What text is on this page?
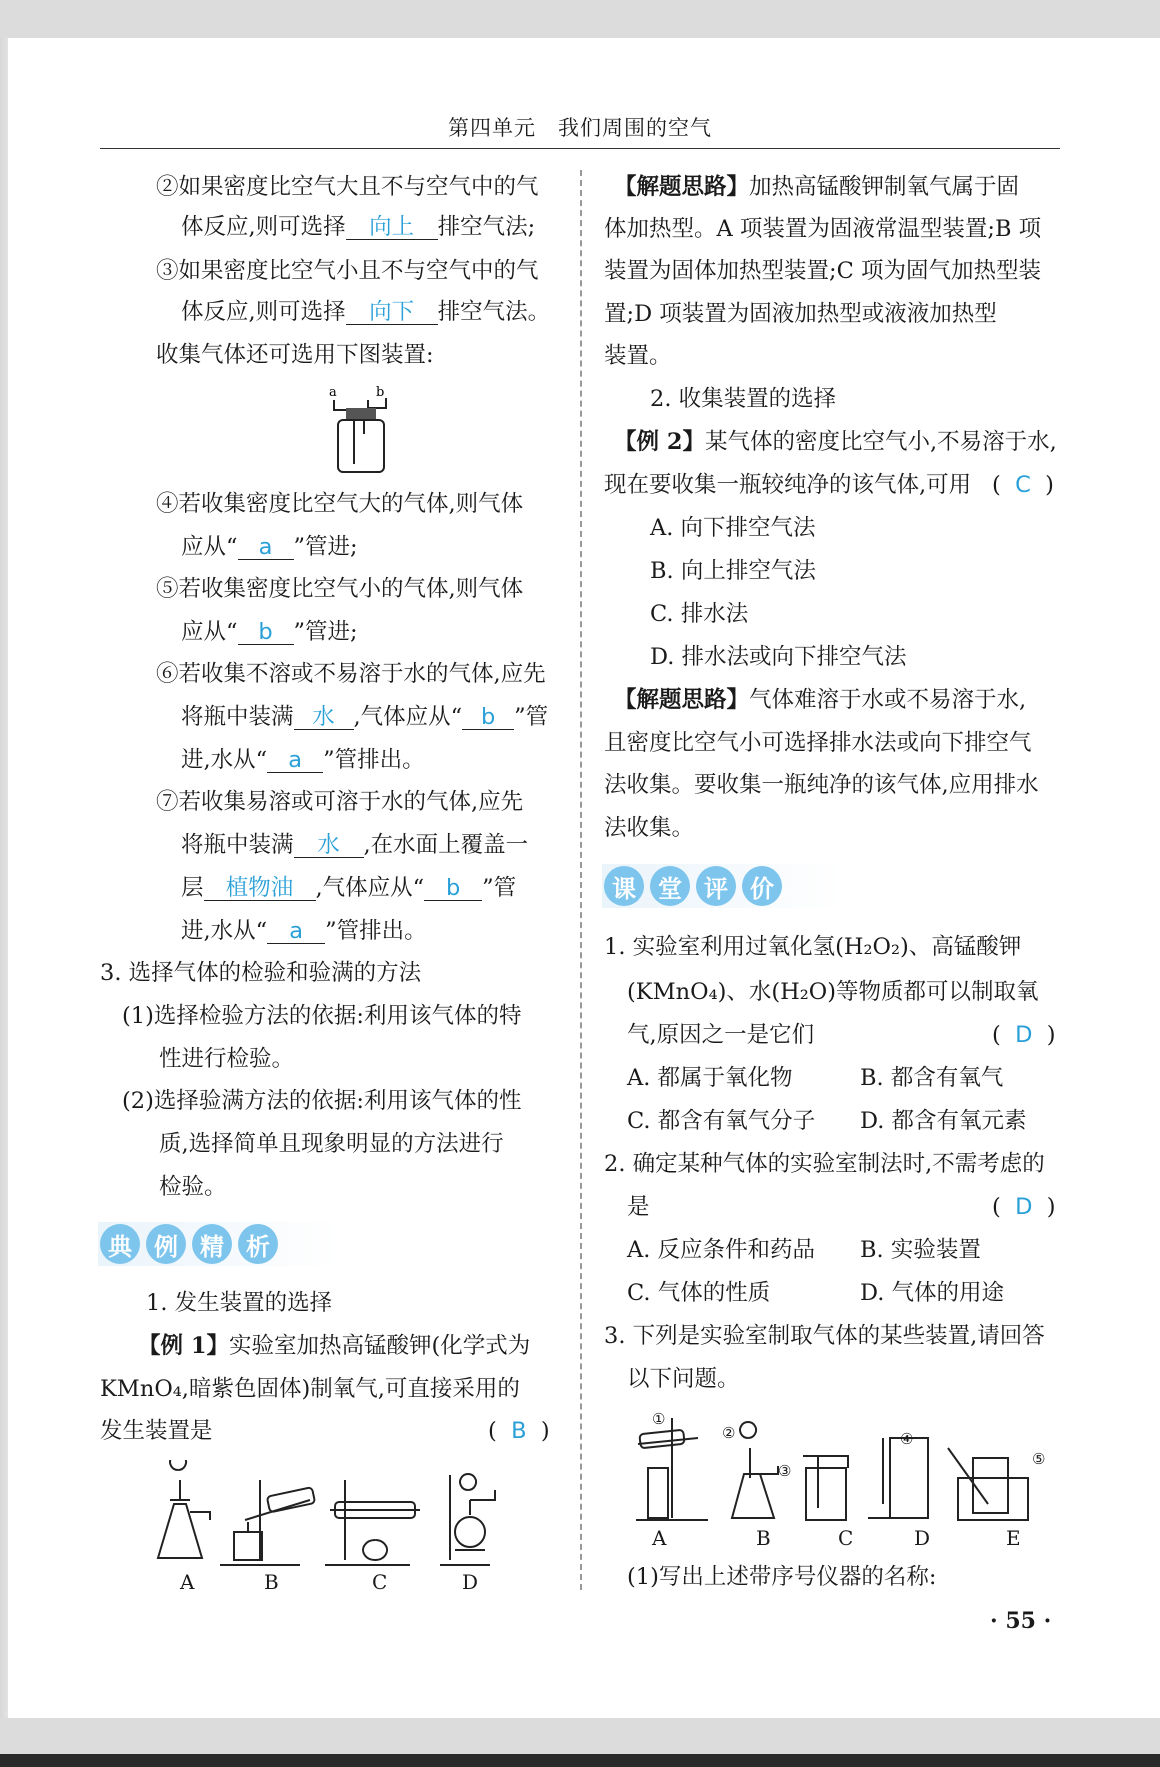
第四单元　我们周围的空气
②如果密度比空气大且不与空气中的气
体反应,则可选择 向上 排空气法;
③如果密度比空气小且不与空气中的气
体反应,则可选择 向下 排空气法。
收集气体还可选用下图装置:
a	b
④若收集密度比空气大的气体,则气体
应从“ a ”管进;
⑤若收集密度比空气小的气体,则气体
应从“ b ”管进;
⑥若收集不溶或不易溶于水的气体,应先
将瓶中装满 水 ,气体应从“ b ”管
进,水从“ a ”管排出。
⑦若收集易溶或可溶于水的气体,应先
将瓶中装满 水 ,在水面上覆盖一
层 植物油 ,气体应从“ b ”管
进,水从“ a ”管排出。
3. 选择气体的检验和验满的方法
(1)选择检验方法的依据:利用该气体的特
性进行检验。
(2)选择验满方法的依据:利用该气体的性
质,选择简单且现象明显的方法进行
检验。
典 例 精 析
1. 发生装置的选择
【例 1】实验室加热高锰酸钾(化学式为
KMnO₄,暗紫色固体)制氧气,可直接采用的
发生装置是	(  B  )
A	B	C	D
【解题思路】加热高锰酸钾制氧气属于固
体加热型。A 项装置为固液常温型装置;B 项
装置为固体加热型装置;C 项为固气加热型装
置;D 项装置为固液加热型或液液加热型
装置。
2. 收集装置的选择
【例 2】某气体的密度比空气小,不易溶于水,
现在要收集一瓶较纯净的该气体,可用 (  C  )
A. 向下排空气法
B. 向上排空气法
C. 排水法
D. 排水法或向下排空气法
【解题思路】气体难溶于水或不易溶于水,
且密度比空气小可选择排水法或向下排空气
法收集。要收集一瓶纯净的该气体,应用排水
法收集。
课 堂 评 价
1. 实验室利用过氧化氢(H₂O₂)、高锰酸钾
(KMnO₄)、水(H₂O)等物质都可以制取氧
气,原因之一是它们	(  D  )
A. 都属于氧化物	B. 都含有氧气
C. 都含有氧气分子 D. 都含有氧元素
2. 确定某种气体的实验室制法时,不需考虑的
是	(  D  )
A. 反应条件和药品 B. 实验装置
C. 气体的性质	D. 气体的用途
3. 下列是实验室制取气体的某些装置,请回答
以下问题。
①
②
③
④
⑤
A	B	C	D	E
(1)写出上述带序号仪器的名称:
· 55 ·
